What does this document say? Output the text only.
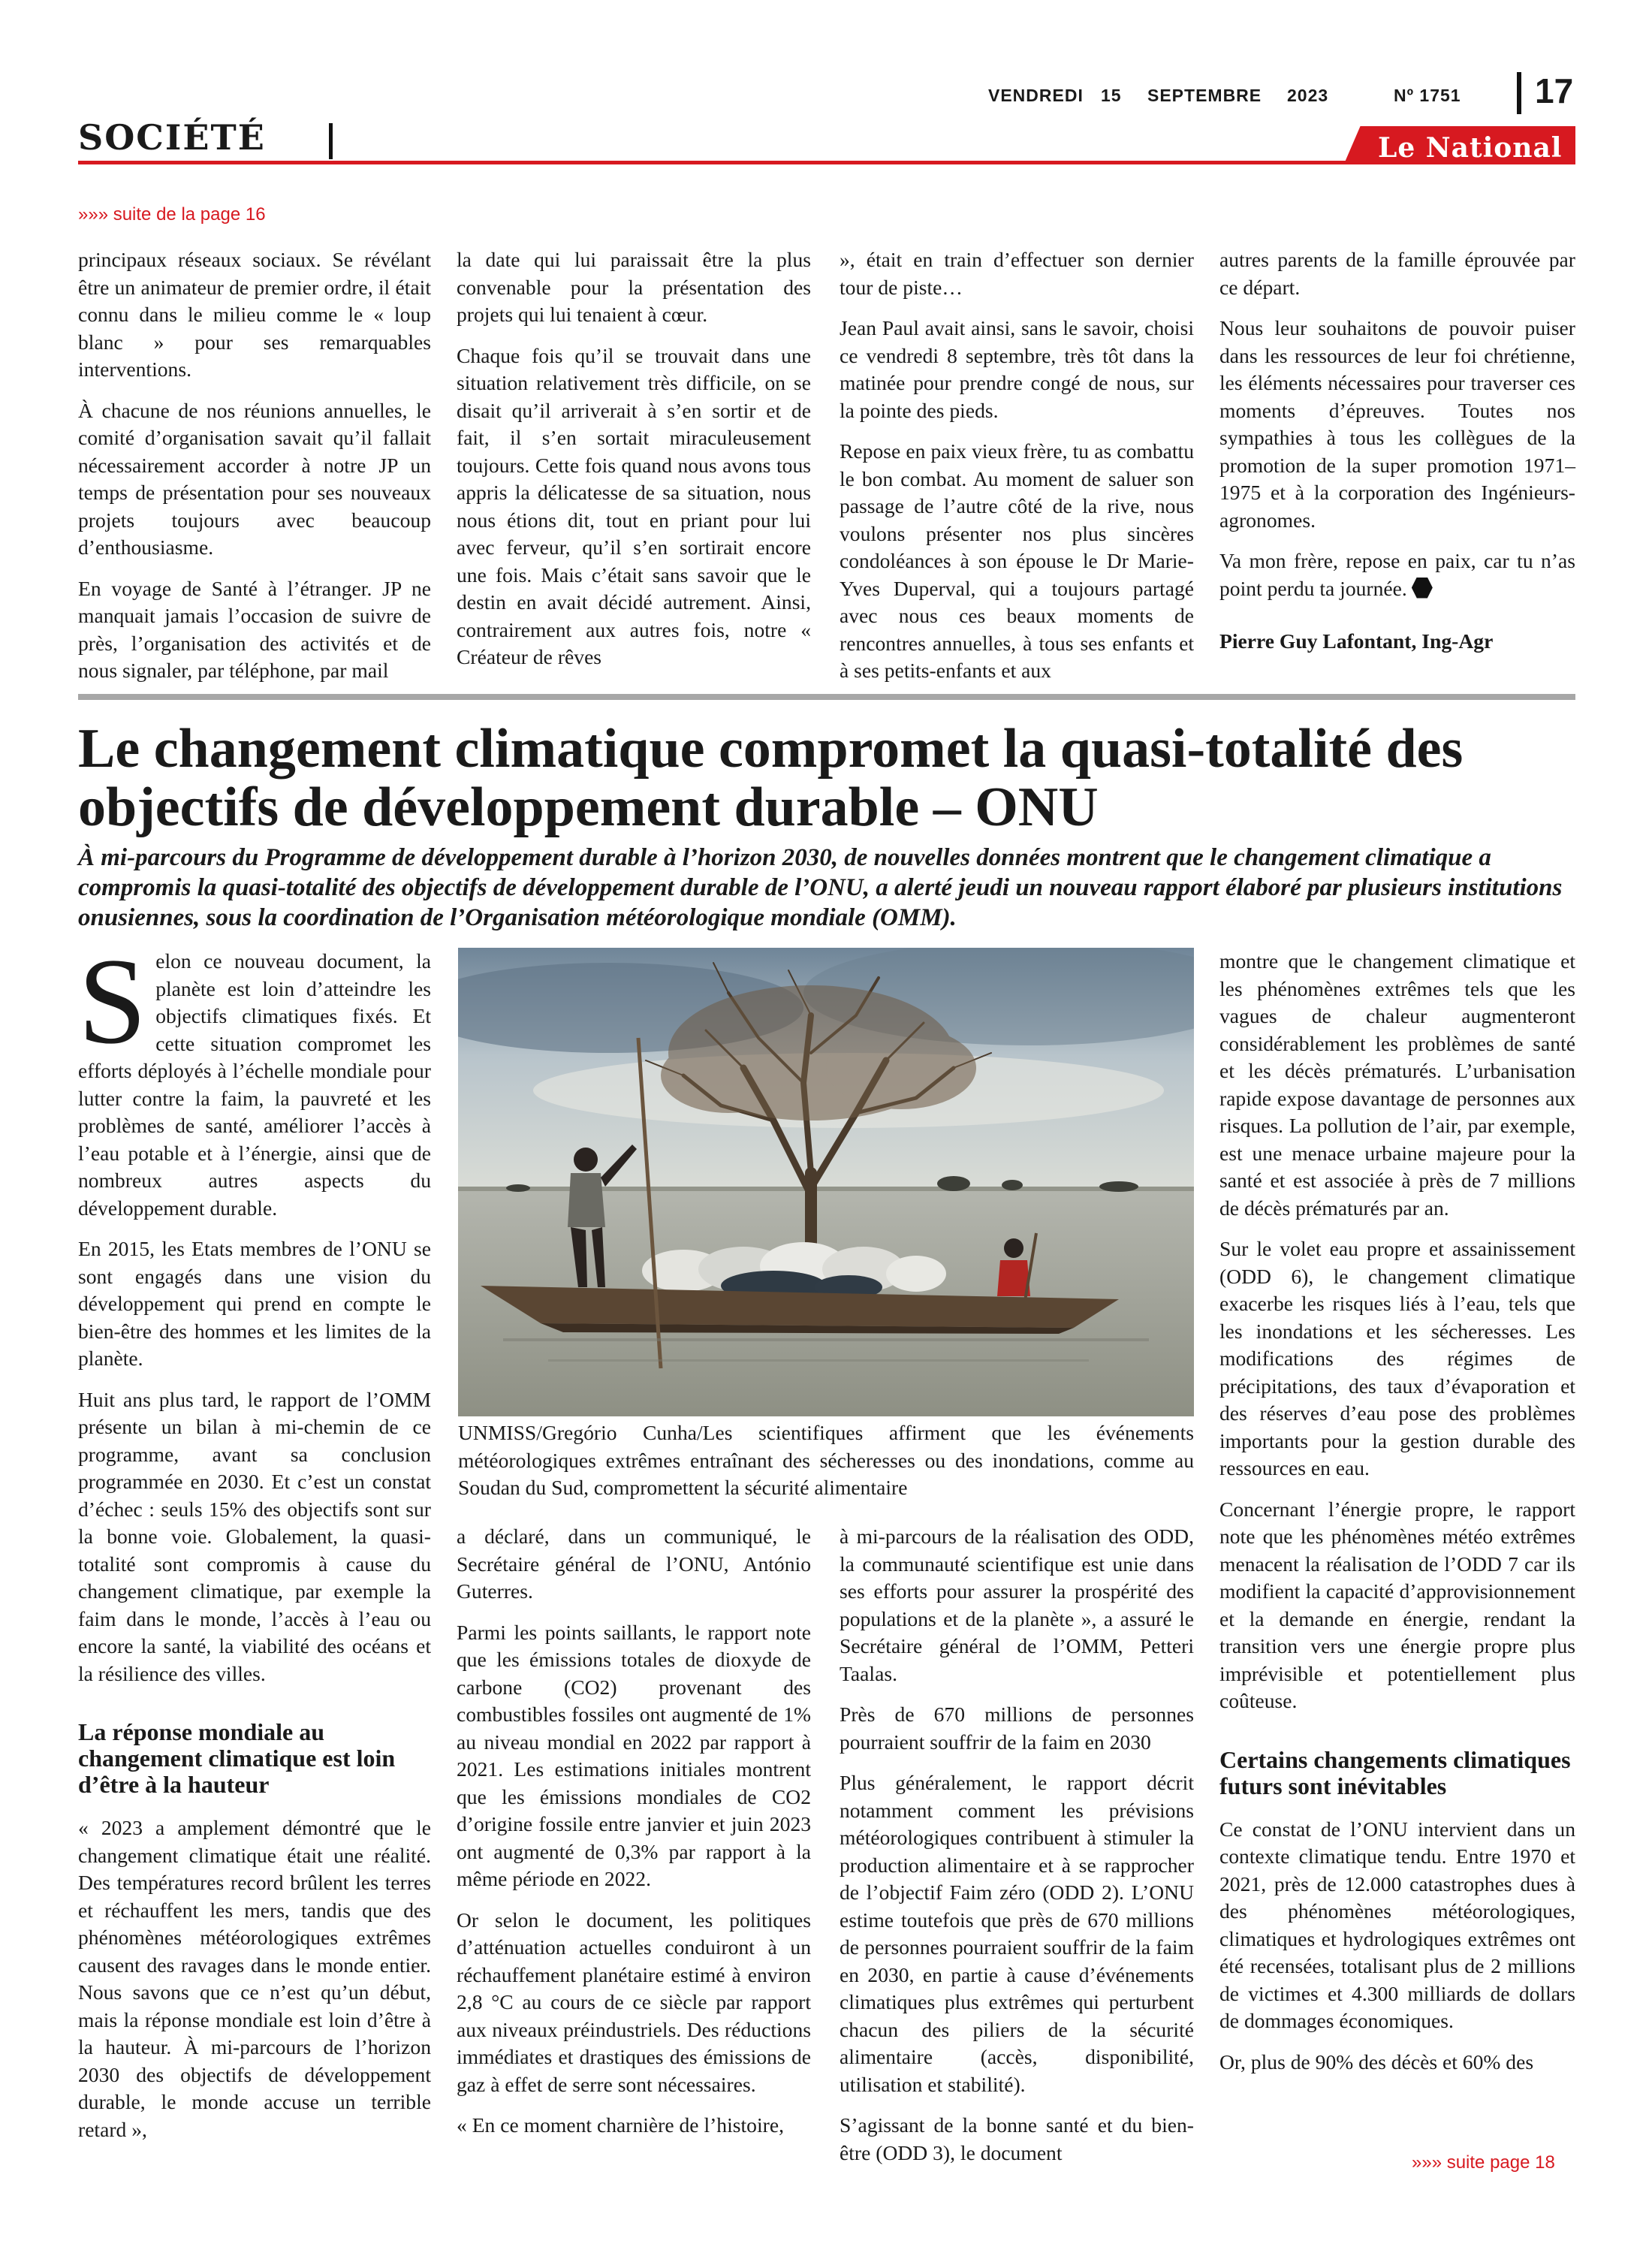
SOCIÉTÉ
VENDREDI 15 SEPTEMBRE 2023	Nº 1751 17
Le National
»»» suite de la page 16

principaux réseaux sociaux. Se révélant être un animateur de premier ordre, il était connu dans le milieu comme le « loup blanc » pour ses remarquables interventions.

À chacune de nos réunions annuelles, le comité d’organisation savait qu’il fallait nécessairement accorder à notre JP un temps de présentation pour ses nouveaux projets toujours avec beaucoup d’enthousiasme.

En voyage de Santé à l’étranger. JP ne manquait jamais l’occasion de suivre de près, l’organisation des activités et de nous signaler, par téléphone, par mail

la date qui lui paraissait être la plus convenable pour la présentation des projets qui lui tenaient à cœur.

Chaque fois qu’il se trouvait dans une situation relativement très difficile, on se disait qu’il arriverait à s’en sortir et de fait, il s’en sortait miraculeusement toujours. Cette fois quand nous avons tous appris la délicatesse de sa situation, nous nous étions dit, tout en priant pour lui avec ferveur, qu’il s’en sortirait encore une fois. Mais c’était sans savoir que le destin en avait décidé autrement. Ainsi, contrairement aux autres fois, notre « Créateur de rêves

», était en train d’effectuer son dernier tour de piste…

Jean Paul avait ainsi, sans le savoir, choisi ce vendredi 8 septembre, très tôt dans la matinée pour prendre congé de nous, sur la pointe des pieds.

Repose en paix vieux frère, tu as combattu le bon combat. Au moment de saluer son passage de l’autre côté de la rive, nous voulons présenter nos plus sincères condoléances à son épouse le Dr Marie-Yves Duperval, qui a toujours partagé avec nous ces beaux moments de rencontres annuelles, à tous ses enfants et à ses petits-enfants et aux

autres parents de la famille éprouvée par ce départ.

Nous leur souhaitons de pouvoir puiser dans les ressources de leur foi chrétienne, les éléments nécessaires pour traverser ces moments d’épreuves. Toutes nos sympathies à tous les collègues de la promotion de la super promotion 1971–1975 et à la corporation des Ingénieurs-agronomes.

Va mon frère, repose en paix, car tu n’as point perdu ta journée.

Pierre Guy Lafontant, Ing-Agr

Le changement climatique compromet la quasi-totalité des objectifs de développement durable – ONU

À mi-parcours du Programme de développement durable à l’horizon 2030, de nouvelles données montrent que le changement climatique a compromis la quasi-totalité des objectifs de développement durable de l’ONU, a alerté jeudi un nouveau rapport élaboré par plusieurs institutions onusiennes, sous la coordination de l’Organisation météorologique mondiale (OMM).

Selon ce nouveau document, la planète est loin d’atteindre les objectifs climatiques fixés. Et cette situation compromet les efforts déployés à l’échelle mondiale pour lutter contre la faim, la pauvreté et les problèmes de santé, améliorer l’accès à l’eau potable et à l’énergie, ainsi que de nombreux autres aspects du développement durable.

En 2015, les Etats membres de l’ONU se sont engagés dans une vision du développement qui prend en compte le bien-être des hommes et les limites de la planète.

Huit ans plus tard, le rapport de l’OMM présente un bilan à mi-chemin de ce programme, avant sa conclusion programmée en 2030. Et c’est un constat d’échec : seuls 15% des objectifs sont sur la bonne voie. Globalement, la quasi-totalité sont compromis à cause du changement climatique, par exemple la faim dans le monde, l’accès à l’eau ou encore la santé, la viabilité des océans et la résilience des villes.

La réponse mondiale au changement climatique est loin d’être à la hauteur

« 2023 a amplement démontré que le changement climatique était une réalité. Des températures record brûlent les terres et réchauffent les mers, tandis que des phénomènes météorologiques extrêmes causent des ravages dans le monde entier. Nous savons que ce n’est qu’un début, mais la réponse mondiale est loin d’être à la hauteur. À mi-parcours de l’horizon 2030 des objectifs de développement durable, le monde accuse un terrible retard »,

UNMISS/Gregório Cunha/Les scientifiques affirment que les événements météorologiques extrêmes entraînant des sécheresses ou des inondations, comme au Soudan du Sud, compromettent la sécurité alimentaire

a déclaré, dans un communiqué, le Secrétaire général de l’ONU, António Guterres.

Parmi les points saillants, le rapport note que les émissions totales de dioxyde de carbone (CO2) provenant des combustibles fossiles ont augmenté de 1% au niveau mondial en 2022 par rapport à 2021. Les estimations initiales montrent que les émissions mondiales de CO2 d’origine fossile entre janvier et juin 2023 ont augmenté de 0,3% par rapport à la même période en 2022.

Or selon le document, les politiques d’atténuation actuelles conduiront à un réchauffement planétaire estimé à environ 2,8 °C au cours de ce siècle par rapport aux niveaux préindustriels. Des réductions immédiates et drastiques des émissions de gaz à effet de serre sont nécessaires.

« En ce moment charnière de l’histoire,

à mi-parcours de la réalisation des ODD, la communauté scientifique est unie dans ses efforts pour assurer la prospérité des populations et de la planète », a assuré le Secrétaire général de l’OMM, Petteri Taalas.

Près de 670 millions de personnes pourraient souffrir de la faim en 2030

Plus généralement, le rapport décrit notamment comment les prévisions météorologiques contribuent à stimuler la production alimentaire et à se rapprocher de l’objectif Faim zéro (ODD 2). L’ONU estime toutefois que près de 670 millions de personnes pourraient souffrir de la faim en 2030, en partie à cause d’événements climatiques plus extrêmes qui perturbent chacun des piliers de la sécurité alimentaire (accès, disponibilité, utilisation et stabilité).

S’agissant de la bonne santé et du bien-être (ODD 3), le document

montre que le changement climatique et les phénomènes extrêmes tels que les vagues de chaleur augmenteront considérablement les problèmes de santé et les décès prématurés. L’urbanisation rapide expose davantage de personnes aux risques. La pollution de l’air, par exemple, est une menace urbaine majeure pour la santé et est associée à près de 7 millions de décès prématurés par an.

Sur le volet eau propre et assainissement (ODD 6), le changement climatique exacerbe les risques liés à l’eau, tels que les inondations et les sécheresses. Les modifications des régimes de précipitations, des taux d’évaporation et des réserves d’eau pose des problèmes importants pour la gestion durable des ressources en eau.

Concernant l’énergie propre, le rapport note que les phénomènes météo extrêmes menacent la réalisation de l’ODD 7 car ils modifient la capacité d’approvisionnement et la demande en énergie, rendant la transition vers une énergie propre plus imprévisible et potentiellement plus coûteuse.

Certains changements climatiques futurs sont inévitables

Ce constat de l’ONU intervient dans un contexte climatique tendu. Entre 1970 et 2021, près de 12.000 catastrophes dues à des phénomènes météorologiques, climatiques et hydrologiques extrêmes ont été recensées, totalisant plus de 2 millions de victimes et 4.300 milliards de dollars de dommages économiques.

Or, plus de 90% des décès et 60% des

»»» suite page 18
